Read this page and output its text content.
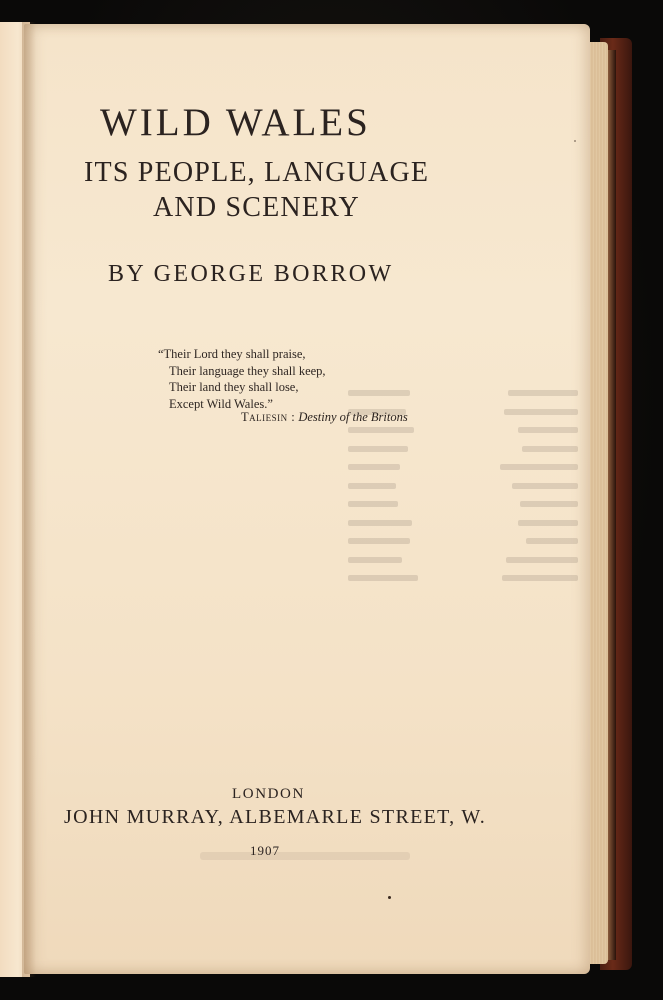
WILD WALES
ITS PEOPLE, LANGUAGE
AND SCENERY
BY GEORGE BORROW
“Their Lord they shall praise,
Their language they shall keep,
Their land they shall lose,
Except Wild Wales.”
Taliesin : Destiny of the Britons
LONDON
JOHN MURRAY, ALBEMARLE STREET, W.
1907
